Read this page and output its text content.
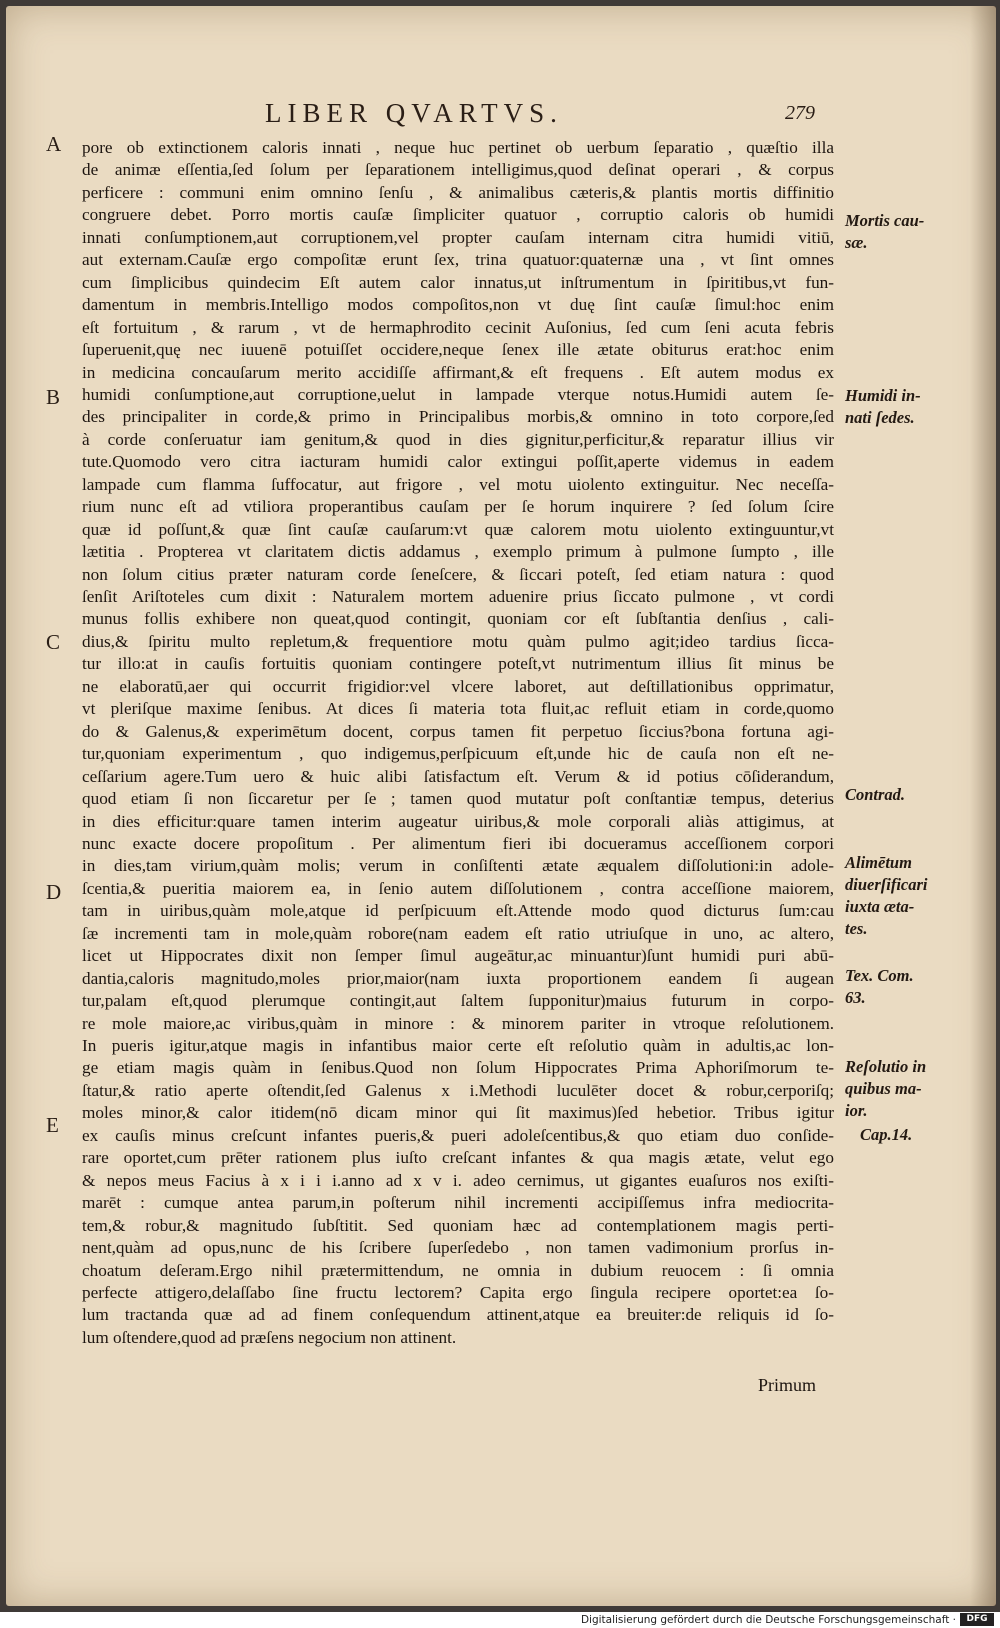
LIBER QVARTVS.	279
A
B
C
D
E
Mortis cau-
sæ.
Humidi in-
nati ſedes.
Contrad.
Alimētum
diuerſificari
iuxta æta-
tes.
Tex. Com.
63.
Reſolutio in
quibus ma-
ior.
Cap.14.
pore ob extinctionem caloris innati , neque huc pertinet ob uerbum ſeparatio , quæſtio illa
de animæ eſſentia,ſed ſolum per ſeparationem intelligimus,quod deſinat operari , & corpus
perficere : communi enim omnino ſenſu , & animalibus cæteris,& plantis mortis diffinitio
congruere debet. Porro mortis cauſæ ſimpliciter quatuor , corruptio caloris ob humidi
innati conſumptionem,aut corruptionem,vel propter cauſam internam citra humidi vitiū,
aut externam.Cauſæ ergo compoſitæ erunt ſex, trina quatuor:quaternæ una , vt ſint omnes
cum ſimplicibus quindecim Eſt autem calor innatus,ut inſtrumentum in ſpiritibus,vt fun-
damentum in membris.Intelligo modos compoſitos,non vt duę ſint cauſæ ſimul:hoc enim
eſt fortuitum , & rarum , vt de hermaphrodito cecinit Auſonius, ſed cum ſeni acuta febris
ſuperuenit,quę nec iuuenē potuiſſet occidere,neque ſenex ille ætate obiturus erat:hoc enim
in medicina concauſarum merito accidiſſe affirmant,& eſt frequens . Eſt autem modus ex
humidi conſumptione,aut corruptione,uelut in lampade vterque notus.Humidi autem ſe-
des principaliter in corde,& primo in Principalibus morbis,& omnino in toto corpore,ſed
à corde conſeruatur iam genitum,& quod in dies gignitur,perficitur,& reparatur illius vir
tute.Quomodo vero citra iacturam humidi calor extingui poſſit,aperte videmus in eadem
lampade cum flamma ſuffocatur, aut frigore , vel motu uiolento extinguitur. Nec neceſſa-
rium nunc eſt ad vtiliora properantibus cauſam per ſe horum inquirere ? ſed ſolum ſcire
quæ id poſſunt,& quæ ſint cauſæ cauſarum:vt quæ calorem motu uiolento extinguuntur,vt
lætitia . Propterea vt claritatem dictis addamus , exemplo primum à pulmone ſumpto , ille
non ſolum citius præter naturam corde ſeneſcere, & ſiccari poteſt, ſed etiam natura : quod
ſenſit Ariſtoteles cum dixit : Naturalem mortem aduenire prius ſiccato pulmone , vt cordi
munus follis exhibere non queat,quod contingit, quoniam cor eſt ſubſtantia denſius , cali-
dius,& ſpiritu multo repletum,& frequentiore motu quàm pulmo agit;ideo tardius ſicca-
tur illo:at in cauſis fortuitis quoniam contingere poteſt,vt nutrimentum illius ſit minus be
ne elaboratū,aer qui occurrit frigidior:vel vlcere laboret, aut deſtillationibus opprimatur,
vt pleriſque maxime ſenibus. At dices ſi materia tota fluit,ac refluit etiam in corde,quomo
do & Galenus,& experimētum docent, corpus tamen fit perpetuo ſiccius?bona fortuna agi-
tur,quoniam experimentum , quo indigemus,perſpicuum eſt,unde hic de cauſa non eſt ne-
ceſſarium agere.Tum uero & huic alibi ſatisfactum eſt. Verum & id potius cōſiderandum,
quod etiam ſi non ſiccaretur per ſe ; tamen quod mutatur poſt conſtantiæ tempus, deterius
in dies efficitur:quare tamen interim augeatur uiribus,& mole corporali aliàs attigimus, at
nunc exacte docere propoſitum . Per alimentum fieri ibi docueramus acceſſionem corpori
in dies,tam virium,quàm molis; verum in conſiſtenti ætate æqualem diſſolutioni:in adole-
ſcentia,& pueritia maiorem ea, in ſenio autem diſſolutionem , contra acceſſione maiorem,
tam in uiribus,quàm mole,atque id perſpicuum eſt.Attende modo quod dicturus ſum:cau
ſæ incrementi tam in mole,quàm robore(nam eadem eſt ratio utriuſque in uno, ac altero,
licet ut Hippocrates dixit non ſemper ſimul augeātur,ac minuantur)ſunt humidi puri abū-
dantia,caloris magnitudo,moles prior,maior(nam iuxta proportionem eandem ſi augean
tur,palam eſt,quod plerumque contingit,aut ſaltem ſupponitur)maius futurum in corpo-
re mole maiore,ac viribus,quàm in minore : & minorem pariter in vtroque reſolutionem.
In pueris igitur,atque magis in infantibus maior certe eſt reſolutio quàm in adultis,ac lon-
ge etiam magis quàm in ſenibus.Quod non ſolum Hippocrates Prima Aphoriſmorum te-
ſtatur,& ratio aperte oſtendit,ſed Galenus x i.Methodi luculēter docet & robur,cerporiſq;
moles minor,& calor itidem(nō dicam minor qui ſit maximus)ſed hebetior. Tribus igitur
ex cauſis minus creſcunt infantes pueris,& pueri adoleſcentibus,& quo etiam duo conſide-
rare oportet,cum prēter rationem plus iuſto creſcant infantes & qua magis ætate, velut ego
& nepos meus Facius à x i i i.anno ad x v i. adeo cernimus, ut gigantes euaſuros nos exiſti-
marēt : cumque antea parum,in poſterum nihil incrementi accipiſſemus infra mediocrita-
tem,& robur,& magnitudo ſubſtitit. Sed quoniam hæc ad contemplationem magis perti-
nent,quàm ad opus,nunc de his ſcribere ſuperſedebo , non tamen vadimonium prorſus in-
choatum deſeram.Ergo nihil prætermittendum, ne omnia in dubium reuocem : ſi omnia
perfecte attigero,delaſſabo ſine fructu lectorem? Capita ergo ſingula recipere oportet:ea ſo-
lum tractanda quæ ad ad finem conſequendum attinent,atque ea breuiter:de reliquis id ſo-
lum oſtendere,quod ad præſens negocium non attinent.
Primum
Digitalisierung gefördert durch die Deutsche Forschungsgemeinschaft ·	DFG
